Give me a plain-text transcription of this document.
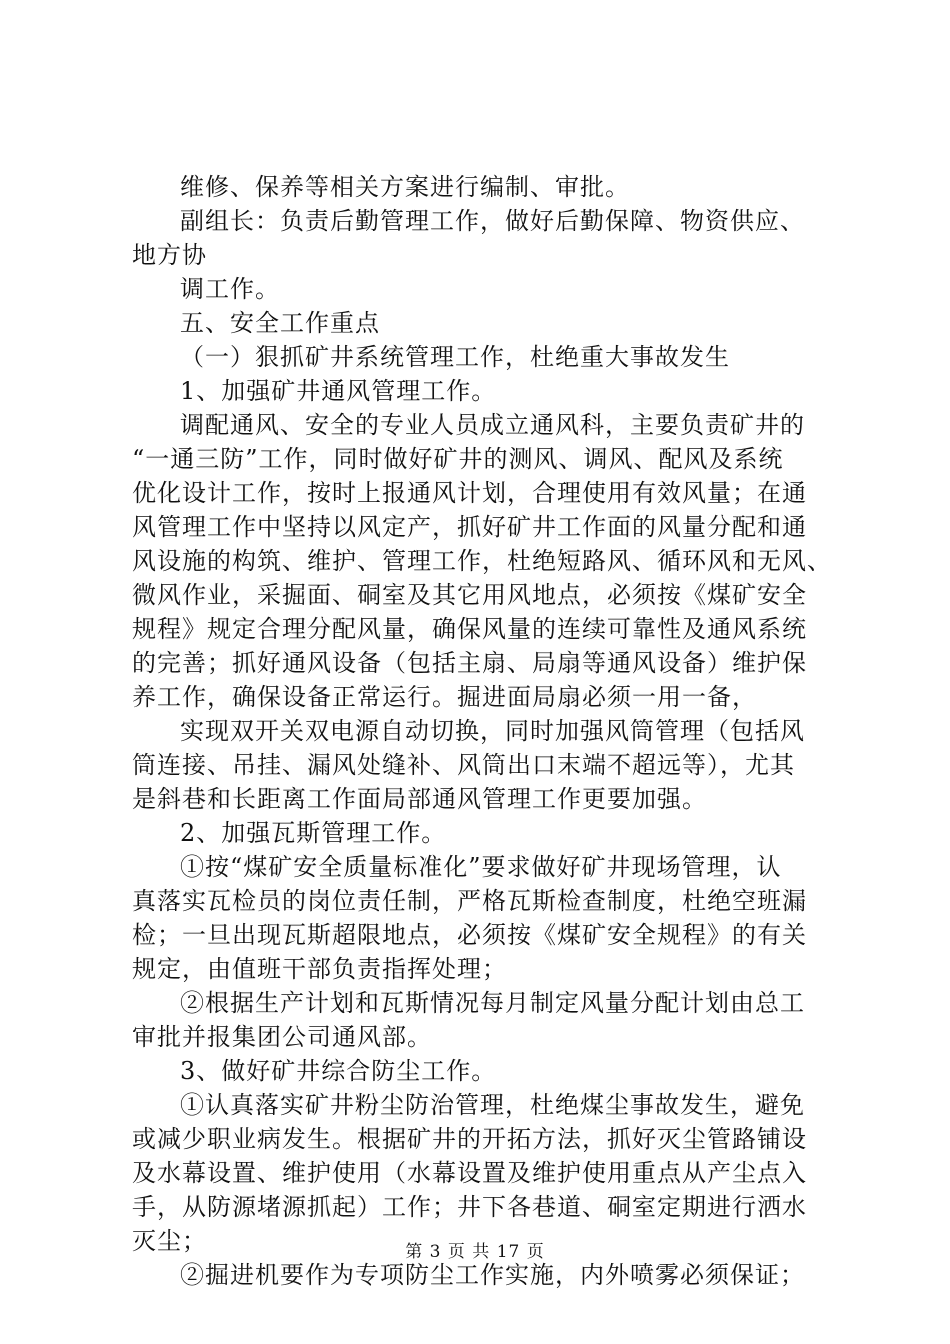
维修、保养等相关方案进行编制、审批。

副组长：负责后勤管理工作，做好后勤保障、物资供应、

地方协

调工作。

五、安全工作重点

（一）狠抓矿井系统管理工作，杜绝重大事故发生

1、加强矿井通风管理工作。

调配通风、安全的专业人员成立通风科，主要负责矿井的

“一通三防”工作，同时做好矿井的测风、调风、配风及系统

优化设计工作，按时上报通风计划，合理使用有效风量；在通

风管理工作中坚持以风定产，抓好矿井工作面的风量分配和通

风设施的构筑、维护、管理工作，杜绝短路风、循环风和无风、

微风作业，采掘面、硐室及其它用风地点，必须按《煤矿安全

规程》规定合理分配风量，确保风量的连续可靠性及通风系统

的完善；抓好通风设备（包括主扇、局扇等通风设备）维护保

养工作，确保设备正常运行。掘进面局扇必须一用一备，

实现双开关双电源自动切换，同时加强风筒管理（包括风

筒连接、吊挂、漏风处缝补、风筒出口末端不超远等），尤其

是斜巷和长距离工作面局部通风管理工作更要加强。

2、加强瓦斯管理工作。

①按“煤矿安全质量标准化”要求做好矿井现场管理，认

真落实瓦检员的岗位责任制，严格瓦斯检查制度，杜绝空班漏

检；一旦出现瓦斯超限地点，必须按《煤矿安全规程》的有关

规定，由值班干部负责指挥处理；

②根据生产计划和瓦斯情况每月制定风量分配计划由总工

审批并报集团公司通风部。

3、做好矿井综合防尘工作。

①认真落实矿井粉尘防治管理，杜绝煤尘事故发生，避免

或减少职业病发生。根据矿井的开拓方法，抓好灭尘管路铺设

及水幕设置、维护使用（水幕设置及维护使用重点从产尘点入

手，从防源堵源抓起）工作；井下各巷道、硐室定期进行洒水

灭尘；

②掘进机要作为专项防尘工作实施，内外喷雾必须保证；

第 3 页 共 17 页
